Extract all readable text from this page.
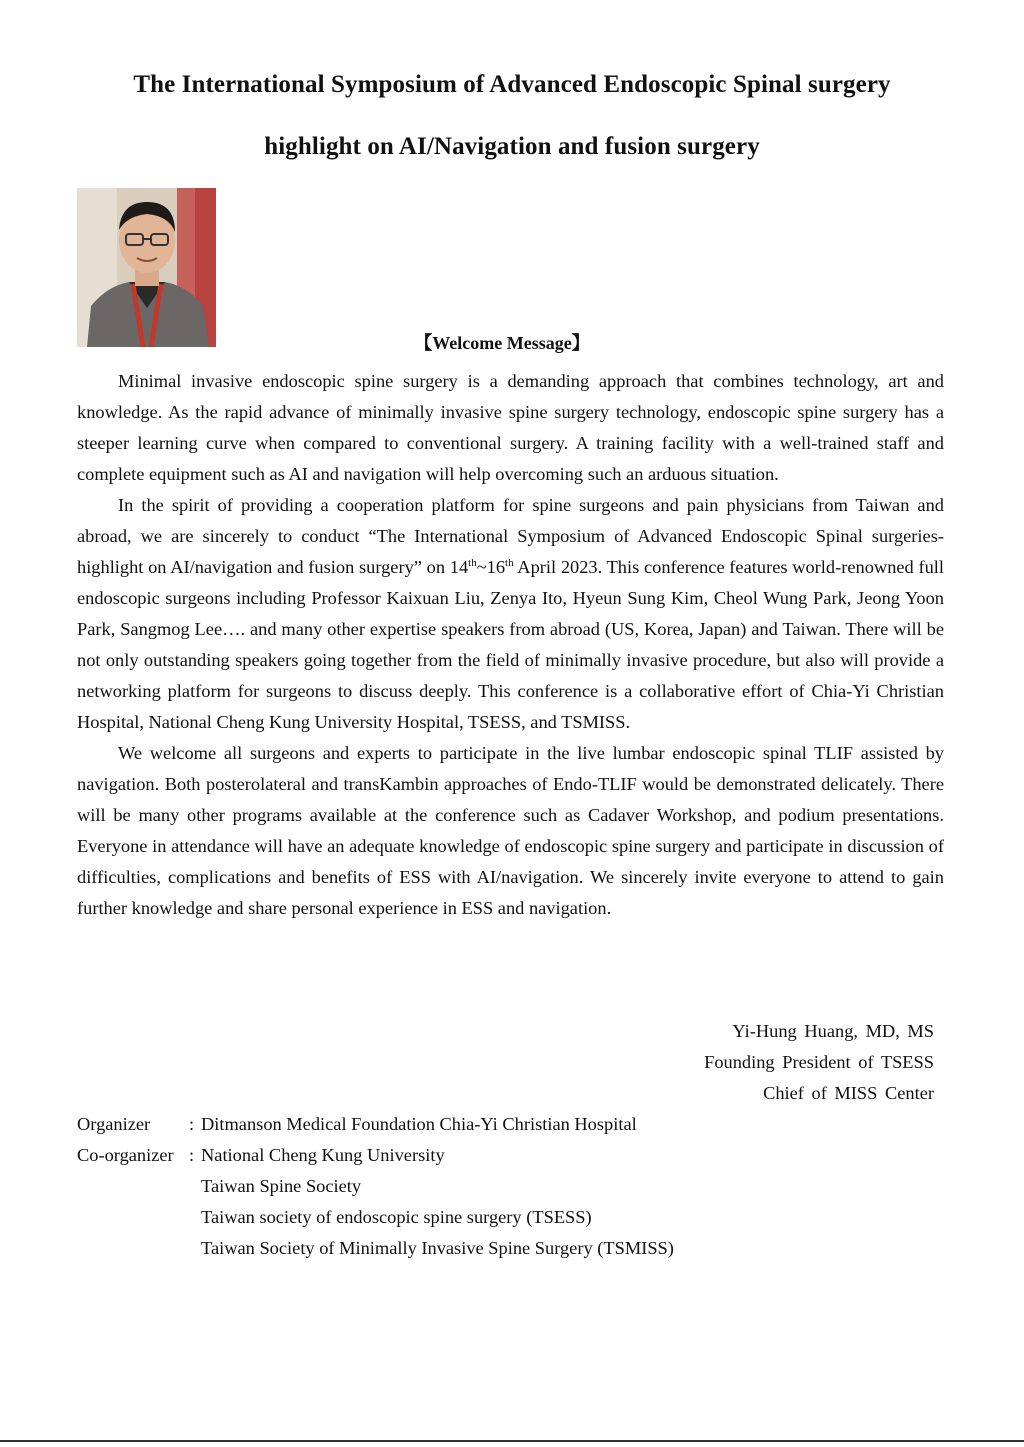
The International Symposium of Advanced Endoscopic Spinal surgery
highlight on AI/Navigation and fusion surgery
【Welcome Message】

Minimal invasive endoscopic spine surgery is a demanding approach that combines technology, art and knowledge. As the rapid advance of minimally invasive spine surgery technology, endoscopic spine surgery has a steeper learning curve when compared to conventional surgery. A training facility with a well-trained staff and complete equipment such as AI and navigation will help overcoming such an arduous situation.

In the spirit of providing a cooperation platform for spine surgeons and pain physicians from Taiwan and abroad, we are sincerely to conduct “The International Symposium of Advanced Endoscopic Spinal surgeries- highlight on AI/navigation and fusion surgery” on 14th~16th April 2023. This conference features world-renowned full endoscopic surgeons including Professor Kaixuan Liu, Zenya Ito, Hyeun Sung Kim, Cheol Wung Park, Jeong Yoon Park, Sangmog Lee…. and many other expertise speakers from abroad (US, Korea, Japan) and Taiwan. There will be not only outstanding speakers going together from the field of minimally invasive procedure, but also will provide a networking platform for surgeons to discuss deeply. This conference is a collaborative effort of Chia-Yi Christian Hospital, National Cheng Kung University Hospital, TSESS, and TSMISS.

We welcome all surgeons and experts to participate in the live lumbar endoscopic spinal TLIF assisted by navigation. Both posterolateral and transKambin approaches of Endo-TLIF would be demonstrated delicately. There will be many other programs available at the conference such as Cadaver Workshop, and podium presentations. Everyone in attendance will have an adequate knowledge of endoscopic spine surgery and participate in discussion of difficulties, complications and benefits of ESS with AI/navigation. We sincerely invite everyone to attend to gain further knowledge and share personal experience in ESS and navigation.

Yi-Hung Huang, MD, MS
Founding President of TSESS
Chief of MISS Center
Organizer	: Ditmanson Medical Foundation Chia-Yi Christian Hospital
Co-organizer : National Cheng Kung University
Taiwan Spine Society
Taiwan society of endoscopic spine surgery (TSESS)
Taiwan Society of Minimally Invasive Spine Surgery (TSMISS)
